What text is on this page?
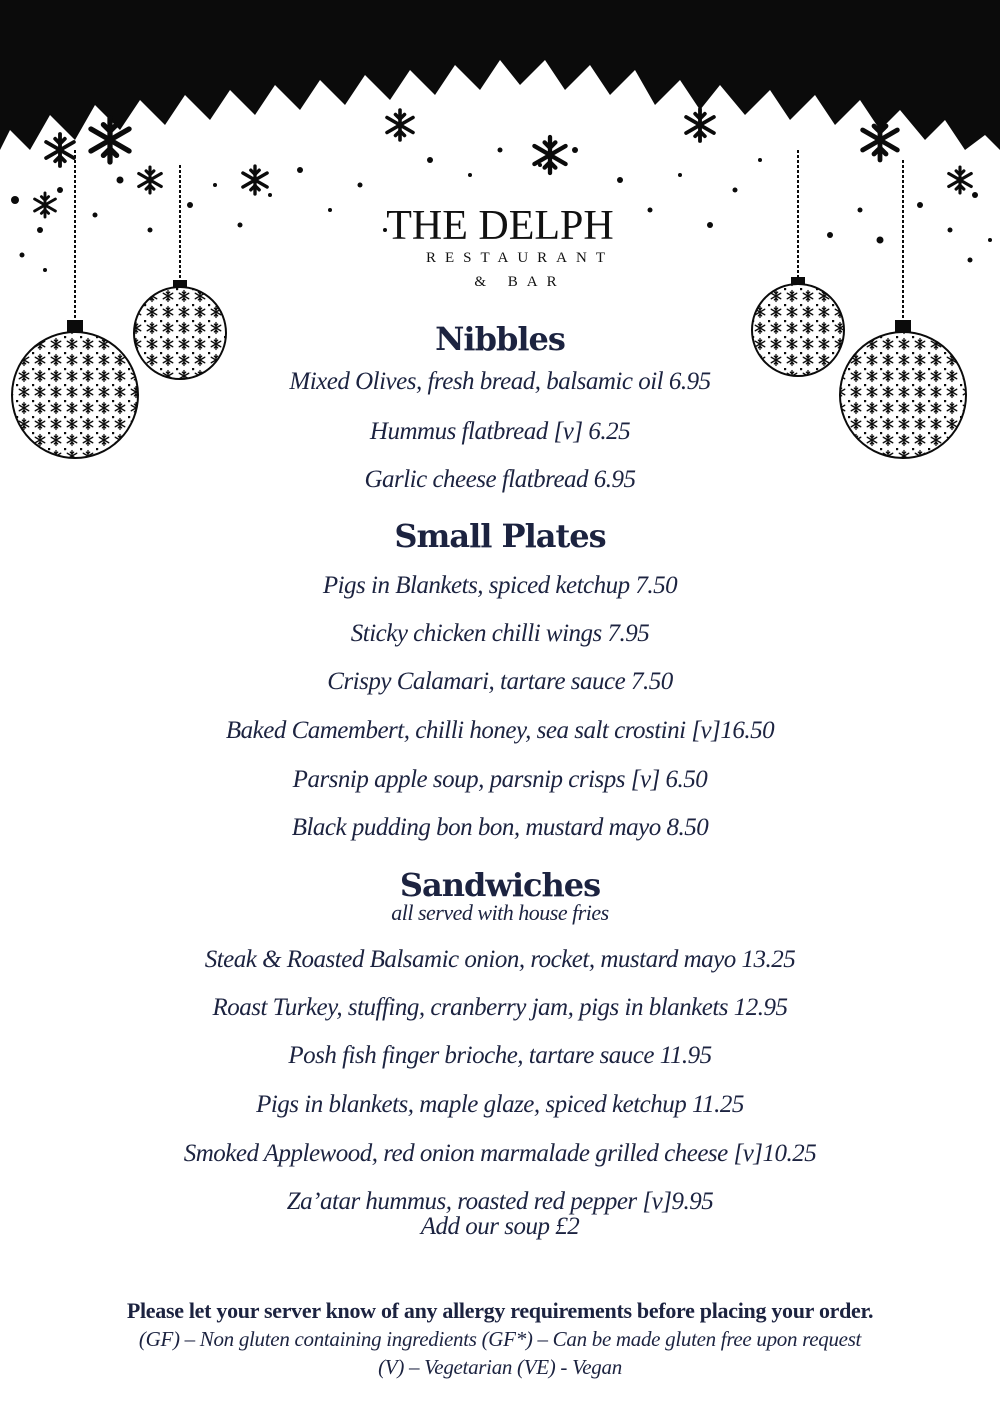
THE DELPH
RESTAURANT
& BAR
Nibbles
Mixed Olives, fresh bread, balsamic oil 6.95
Hummus flatbread [v] 6.25
Garlic cheese flatbread 6.95
Small Plates
Pigs in Blankets, spiced ketchup 7.50
Sticky chicken chilli wings 7.95
Crispy Calamari, tartare sauce 7.50
Baked Camembert, chilli honey, sea salt crostini [v]16.50
Parsnip apple soup, parsnip crisps [v] 6.50
Black pudding bon bon, mustard mayo 8.50
Sandwiches
all served with house fries
Steak & Roasted Balsamic onion, rocket, mustard mayo 13.25
Roast Turkey, stuffing, cranberry jam, pigs in blankets 12.95
Posh fish finger brioche, tartare sauce 11.95
Pigs in blankets, maple glaze, spiced ketchup 11.25
Smoked Applewood, red onion marmalade grilled cheese [v]10.25
Za’atar hummus, roasted red pepper [v]9.95
Add our soup £2
Please let your server know of any allergy requirements before placing your order.
(GF) – Non gluten containing ingredients (GF*) – Can be made gluten free upon request
(V) – Vegetarian (VE) - Vegan
